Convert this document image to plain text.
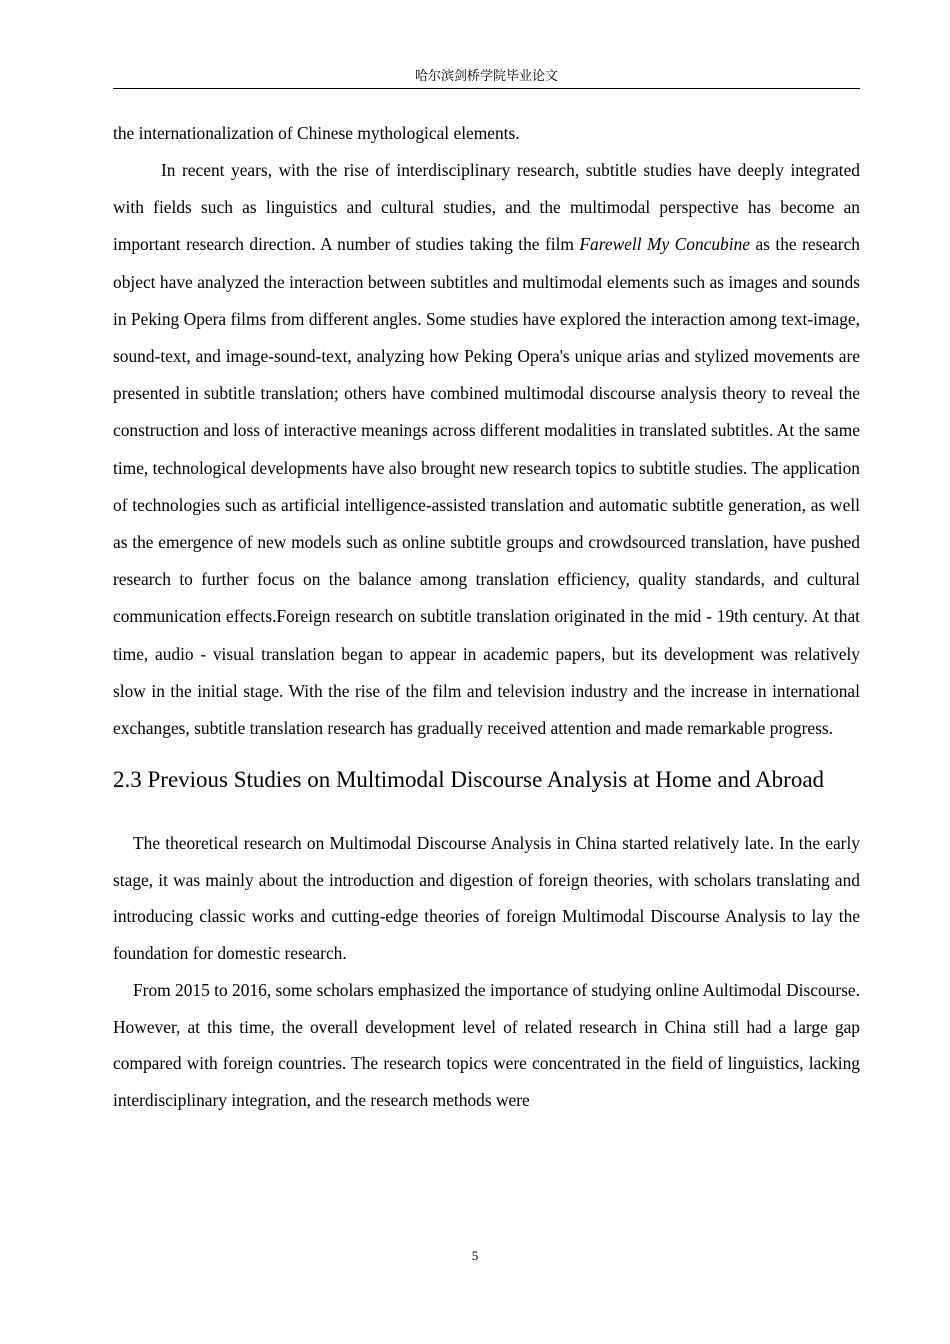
哈尔滨剑桥学院毕业论文

the internationalization of Chinese mythological elements.

In recent years, with the rise of interdisciplinary research, subtitle studies have deeply integrated with fields such as linguistics and cultural studies, and the multimodal perspective has become an important research direction. A number of studies taking the film Farewell My Concubine as the research object have analyzed the interaction between subtitles and multimodal elements such as images and sounds in Peking Opera films from different angles. Some studies have explored the interaction among text-image, sound-text, and image-sound-text, analyzing how Peking Opera's unique arias and stylized movements are presented in subtitle translation; others have combined multimodal discourse analysis theory to reveal the construction and loss of interactive meanings across different modalities in translated subtitles. At the same time, technological developments have also brought new research topics to subtitle studies. The application of technologies such as artificial intelligence-assisted translation and automatic subtitle generation, as well as the emergence of new models such as online subtitle groups and crowdsourced translation, have pushed research to further focus on the balance among translation efficiency, quality standards, and cultural communication effects.Foreign research on subtitle translation originated in the mid - 19th century. At that time, audio - visual translation began to appear in academic papers, but its development was relatively slow in the initial stage. With the rise of the film and television industry and the increase in international exchanges, subtitle translation research has gradually received attention and made remarkable progress.

2.3 Previous Studies on Multimodal Discourse Analysis at Home and Abroad

The theoretical research on Multimodal Discourse Analysis in China started relatively late. In the early stage, it was mainly about the introduction and digestion of foreign theories, with scholars translating and introducing classic works and cutting-edge theories of foreign Multimodal Discourse Analysis to lay the foundation for domestic research.

From 2015 to 2016, some scholars emphasized the importance of studying online Aultimodal Discourse. However, at this time, the overall development level of related research in China still had a large gap compared with foreign countries. The research topics were concentrated in the field of linguistics, lacking interdisciplinary integration, and the research methods were

5
